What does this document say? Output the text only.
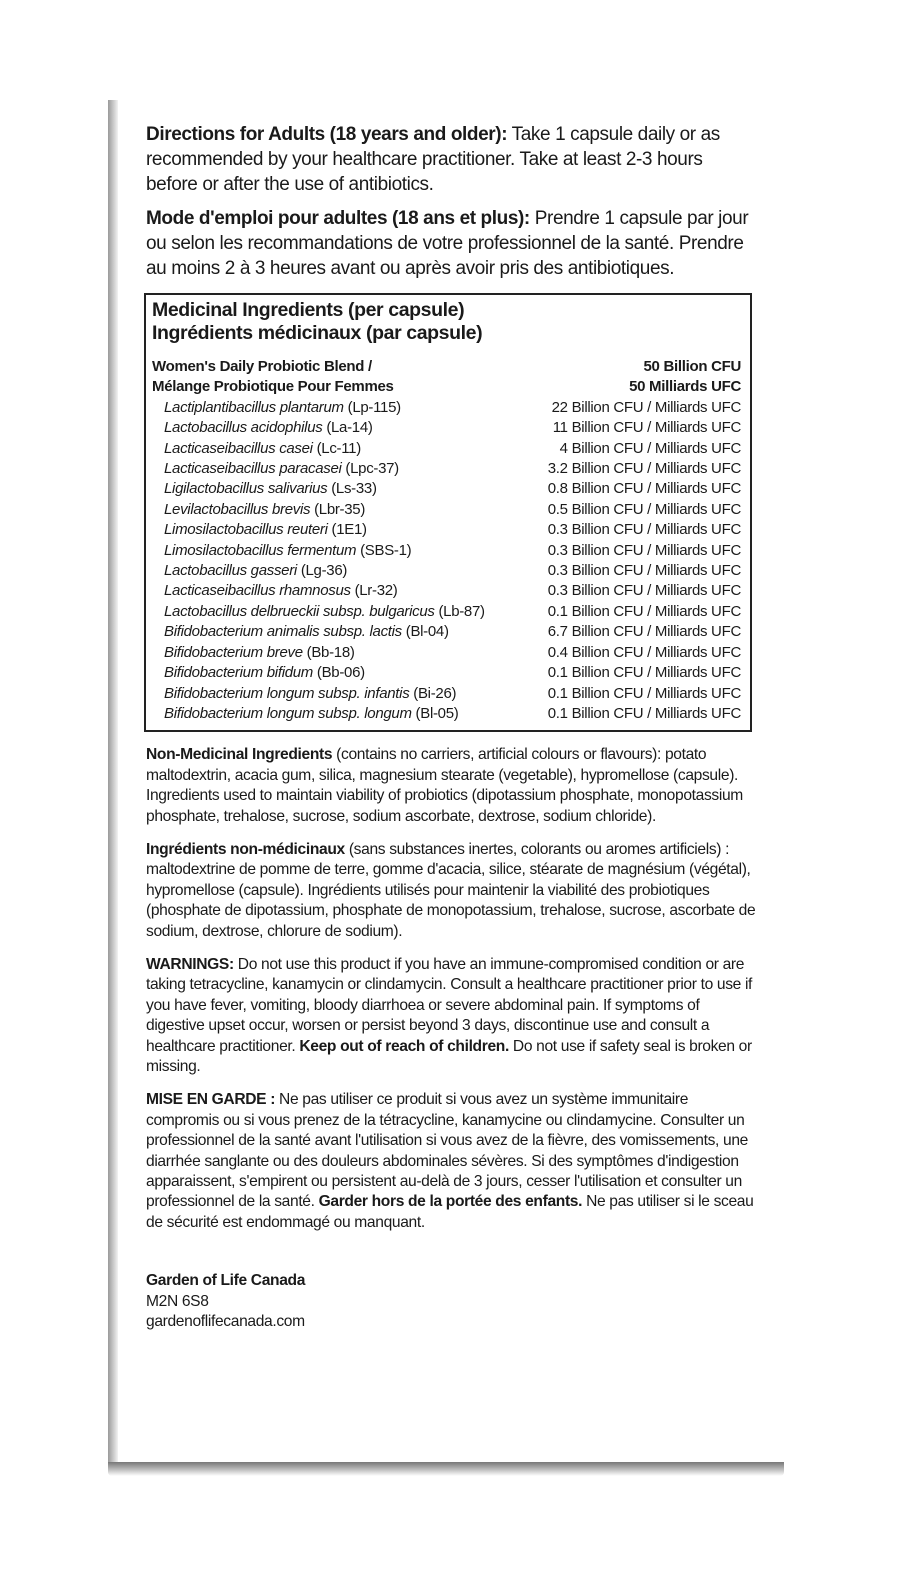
Directions for Adults (18 years and older): Take 1 capsule daily or as recommended by your healthcare practitioner. Take at least 2-3 hours before or after the use of antibiotics.

Mode d'emploi pour adultes (18 ans et plus): Prendre 1 capsule par jour ou selon les recommandations de votre professionnel de la santé. Prendre au moins 2 à 3 heures avant ou après avoir pris des antibiotiques.

Medicinal Ingredients (per capsule)
Ingrédients médicinaux (par capsule)
Women's Daily Probiotic Blend /	50 Billion CFU
Mélange Probiotique Pour Femmes	50 Milliards UFC
Lactiplantibacillus plantarum (Lp-115)	22 Billion CFU / Milliards UFC
Lactobacillus acidophilus (La-14)	11 Billion CFU / Milliards UFC
Lacticaseibacillus casei (Lc-11)	4 Billion CFU / Milliards UFC
Lacticaseibacillus paracasei (Lpc-37)	3.2 Billion CFU / Milliards UFC
Ligilactobacillus salivarius (Ls-33)	0.8 Billion CFU / Milliards UFC
Levilactobacillus brevis (Lbr-35)	0.5 Billion CFU / Milliards UFC
Limosilactobacillus reuteri (1E1)	0.3 Billion CFU / Milliards UFC
Limosilactobacillus fermentum (SBS-1)	0.3 Billion CFU / Milliards UFC
Lactobacillus gasseri (Lg-36)	0.3 Billion CFU / Milliards UFC
Lacticaseibacillus rhamnosus (Lr-32)	0.3 Billion CFU / Milliards UFC
Lactobacillus delbrueckii subsp. bulgaricus (Lb-87)	0.1 Billion CFU / Milliards UFC
Bifidobacterium animalis subsp. lactis (Bl-04)	6.7 Billion CFU / Milliards UFC
Bifidobacterium breve (Bb-18)	0.4 Billion CFU / Milliards UFC
Bifidobacterium bifidum (Bb-06)	0.1 Billion CFU / Milliards UFC
Bifidobacterium longum subsp. infantis (Bi-26)	0.1 Billion CFU / Milliards UFC
Bifidobacterium longum subsp. longum (Bl-05)	0.1 Billion CFU / Milliards UFC

Non-Medicinal Ingredients (contains no carriers, artificial colours or flavours): potato maltodextrin, acacia gum, silica, magnesium stearate (vegetable), hypromellose (capsule). Ingredients used to maintain viability of probiotics (dipotassium phosphate, monopotassium phosphate, trehalose, sucrose, sodium ascorbate, dextrose, sodium chloride).

Ingrédients non-médicinaux (sans substances inertes, colorants ou aromes artificiels) : maltodextrine de pomme de terre, gomme d'acacia, silice, stéarate de magnésium (végétal), hypromellose (capsule). Ingrédients utilisés pour maintenir la viabilité des probiotiques (phosphate de dipotassium, phosphate de monopotassium, trehalose, sucrose, ascorbate de sodium, dextrose, chlorure de sodium).

WARNINGS: Do not use this product if you have an immune-compromised condition or are taking tetracycline, kanamycin or clindamycin. Consult a healthcare practitioner prior to use if you have fever, vomiting, bloody diarrhoea or severe abdominal pain. If symptoms of digestive upset occur, worsen or persist beyond 3 days, discontinue use and consult a healthcare practitioner. Keep out of reach of children. Do not use if safety seal is broken or missing.

MISE EN GARDE : Ne pas utiliser ce produit si vous avez un système immunitaire compromis ou si vous prenez de la tétracycline, kanamycine ou clindamycine. Consulter un professionnel de la santé avant l'utilisation si vous avez de la fièvre, des vomissements, une diarrhée sanglante ou des douleurs abdominales sévères. Si des symptômes d'indigestion apparaissent, s'empirent ou persistent au-delà de 3 jours, cesser l'utilisation et consulter un professionnel de la santé. Garder hors de la portée des enfants. Ne pas utiliser si le sceau de sécurité est endommagé ou manquant.

Garden of Life Canada
M2N 6S8
gardenoflifecanada.com
